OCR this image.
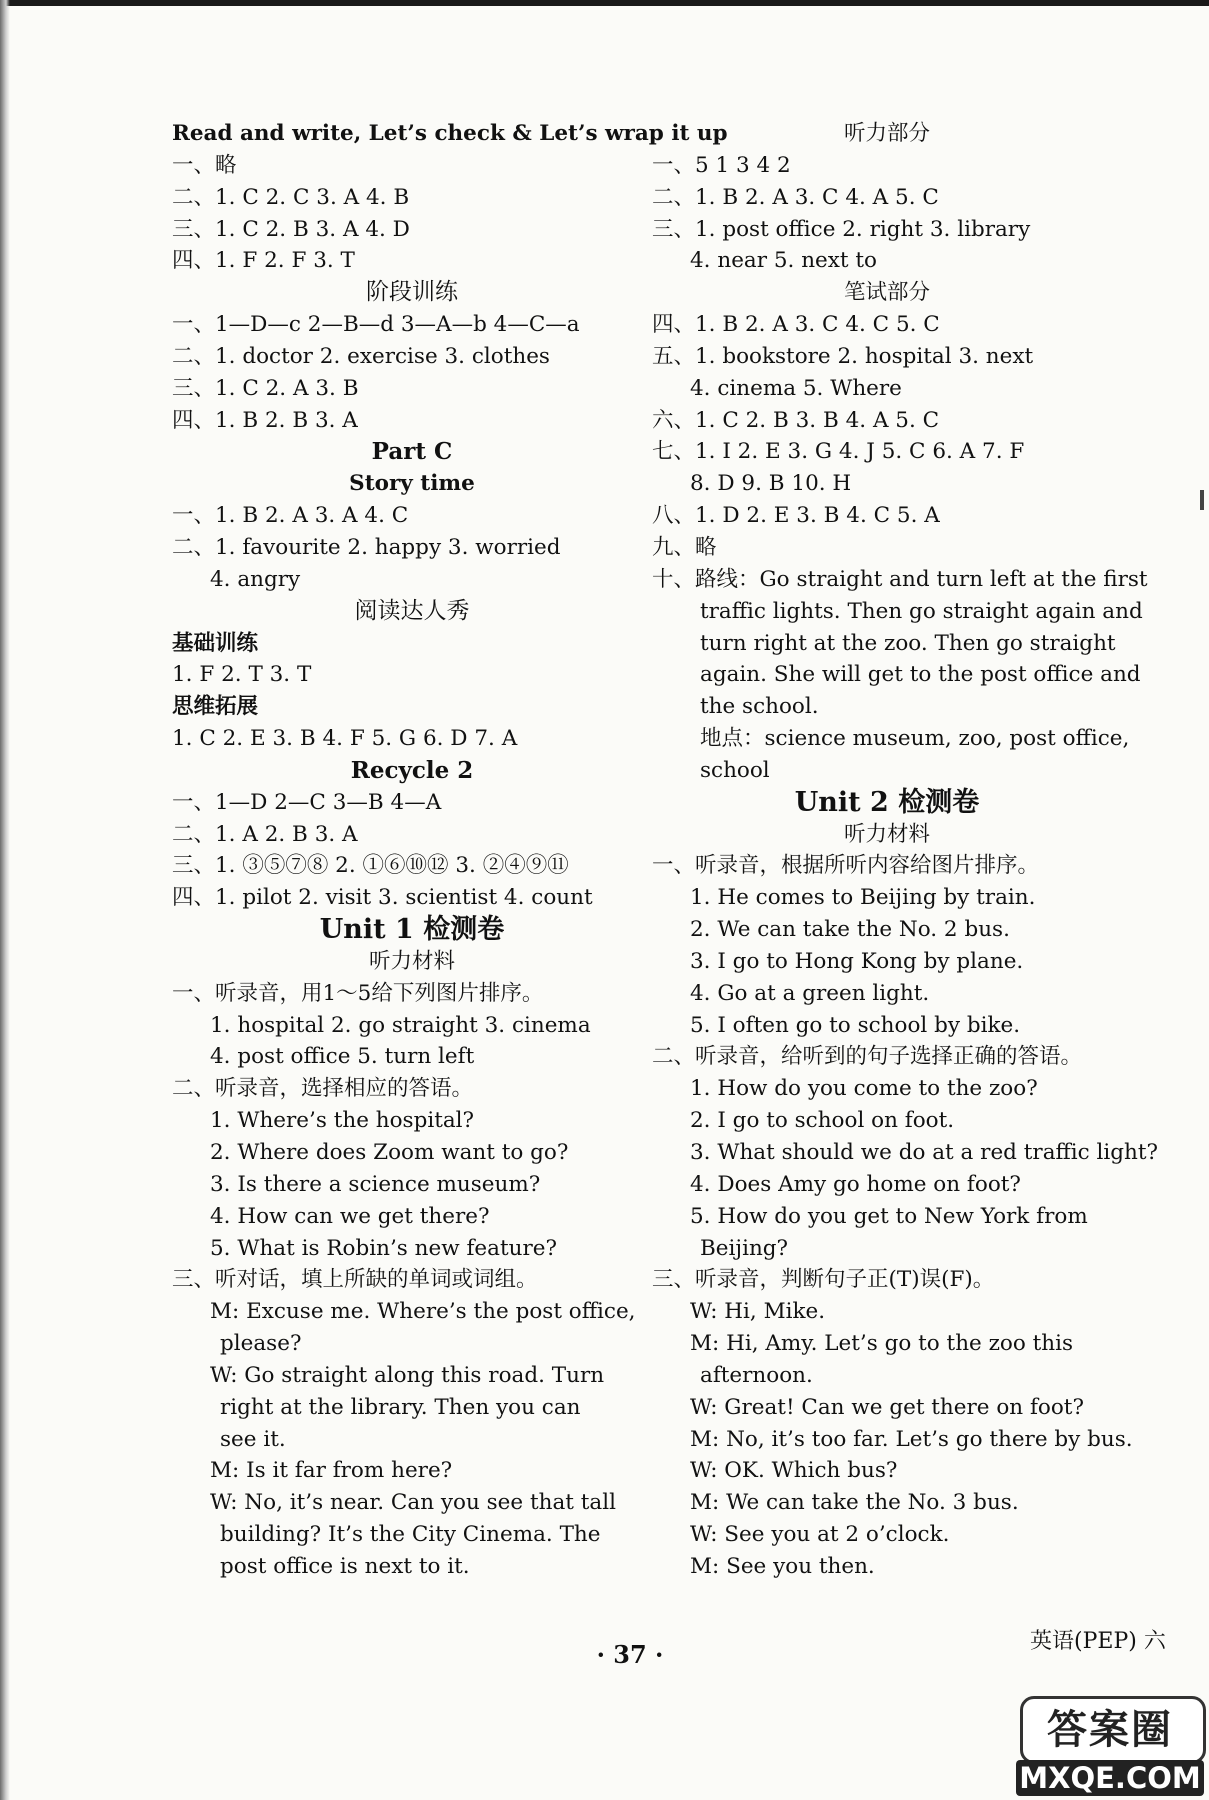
Read and write, Let’s check & Let’s wrap it up
一、略
二、1. C 2. C 3. A 4. B
三、1. C 2. B 3. A 4. D
四、1. F 2. F 3. T
阶段训练
一、1—D—c 2—B—d 3—A—b 4—C—a
二、1. doctor 2. exercise 3. clothes
三、1. C 2. A 3. B
四、1. B 2. B 3. A
Part C
Story time
一、1. B 2. A 3. A 4. C
二、1. favourite 2. happy 3. worried
4. angry
阅读达人秀
基础训练
1. F 2. T 3. T
思维拓展
1. C 2. E 3. B 4. F 5. G 6. D 7. A
Recycle 2
一、1—D 2—C 3—B 4—A
二、1. A 2. B 3. A
三、1. ③⑤⑦⑧ 2. ①⑥⑩⑫ 3. ②④⑨⑪
四、1. pilot 2. visit 3. scientist 4. count
Unit 1 检测卷
听力材料
一、听录音，用1～5给下列图片排序。
1. hospital 2. go straight 3. cinema
4. post office 5. turn left
二、听录音，选择相应的答语。
1. Where’s the hospital?
2. Where does Zoom want to go?
3. Is there a science museum?
4. How can we get there?
5. What is Robin’s new feature?
三、听对话，填上所缺的单词或词组。
M: Excuse me. Where’s the post office,
please?
W: Go straight along this road. Turn
right at the library. Then you can
see it.
M: Is it far from here?
W: No, it’s near. Can you see that tall
building? It’s the City Cinema. The
post office is next to it.
听力部分
一、5 1 3 4 2
二、1. B 2. A 3. C 4. A 5. C
三、1. post office 2. right 3. library
4. near 5. next to
笔试部分
四、1. B 2. A 3. C 4. C 5. C
五、1. bookstore 2. hospital 3. next
4. cinema 5. Where
六、1. C 2. B 3. B 4. A 5. C
七、1. I 2. E 3. G 4. J 5. C 6. A 7. F
8. D 9. B 10. H
八、1. D 2. E 3. B 4. C 5. A
九、略
十、路线：Go straight and turn left at the first
traffic lights. Then go straight again and
turn right at the zoo. Then go straight
again. She will get to the post office and
the school.
地点：science museum, zoo, post office,
school
Unit 2 检测卷
听力材料
一、听录音，根据所听内容给图片排序。
1. He comes to Beijing by train.
2. We can take the No. 2 bus.
3. I go to Hong Kong by plane.
4. Go at a green light.
5. I often go to school by bike.
二、听录音，给听到的句子选择正确的答语。
1. How do you come to the zoo?
2. I go to school on foot.
3. What should we do at a red traffic light?
4. Does Amy go home on foot?
5. How do you get to New York from
Beijing?
三、听录音，判断句子正(T)误(F)。
W: Hi, Mike.
M: Hi, Amy. Let’s go to the zoo this
afternoon.
W: Great! Can we get there on foot?
M: No, it’s too far. Let’s go there by bus.
W: OK. Which bus?
M: We can take the No. 3 bus.
W: See you at 2 o’clock.
M: See you then.
· 37 ·	英语(PEP) 六
答案圈
MXQE.COM
